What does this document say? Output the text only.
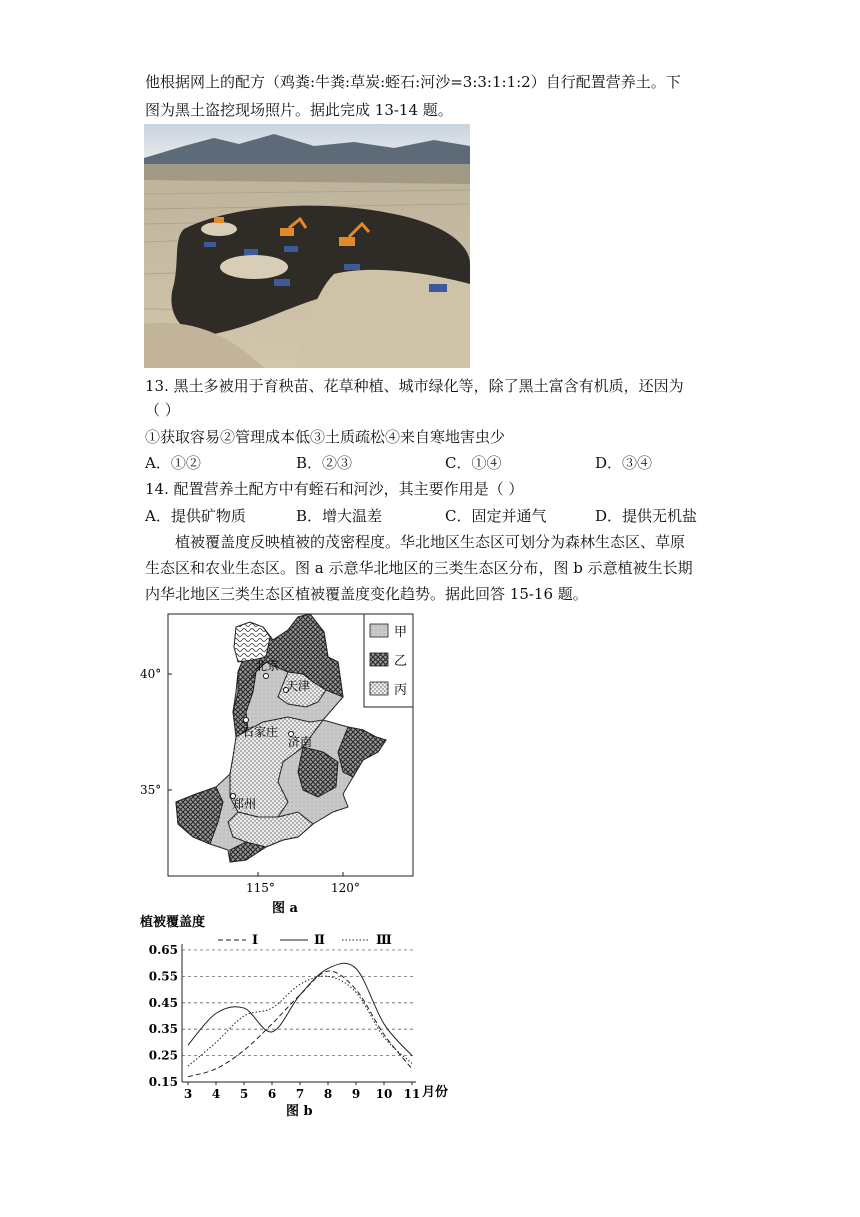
他根据网上的配方（鸡粪:牛粪:草炭:蛭石:河沙=3:3:1:1:2）自行配置营养土。下
图为黑土盗挖现场照片。据此完成 13-14 题。
13. 黑土多被用于育秧苗、花草种植、城市绿化等，除了黑土富含有机质，还因为
（ ）
①获取容易②管理成本低③土质疏松④来自寒地害虫少
A．①②	B．②③	C．①④	D．③④
14. 配置营养土配方中有蛭石和河沙，其主要作用是（ ）
A．提供矿物质	B．增大温差	C．固定并通气	D．提供无机盐
植被覆盖度反映植被的茂密程度。华北地区生态区可划分为森林生态区、草原
生态区和农业生态区。图 a 示意华北地区的三类生态区分布，图 b 示意植被生长期
内华北地区三类生态区植被覆盖度变化趋势。据此回答 15-16 题。
甲
乙
丙
北京
天津
石家庄
济南
郑州
40°
35°
115°	120°
图 a
植被覆盖度
月份
图 b
0.15
0.25
0.35
0.45
0.55
0.65
3 4 5 6 7 8 9 10 11
Ⅰ	Ⅱ	Ⅲ
